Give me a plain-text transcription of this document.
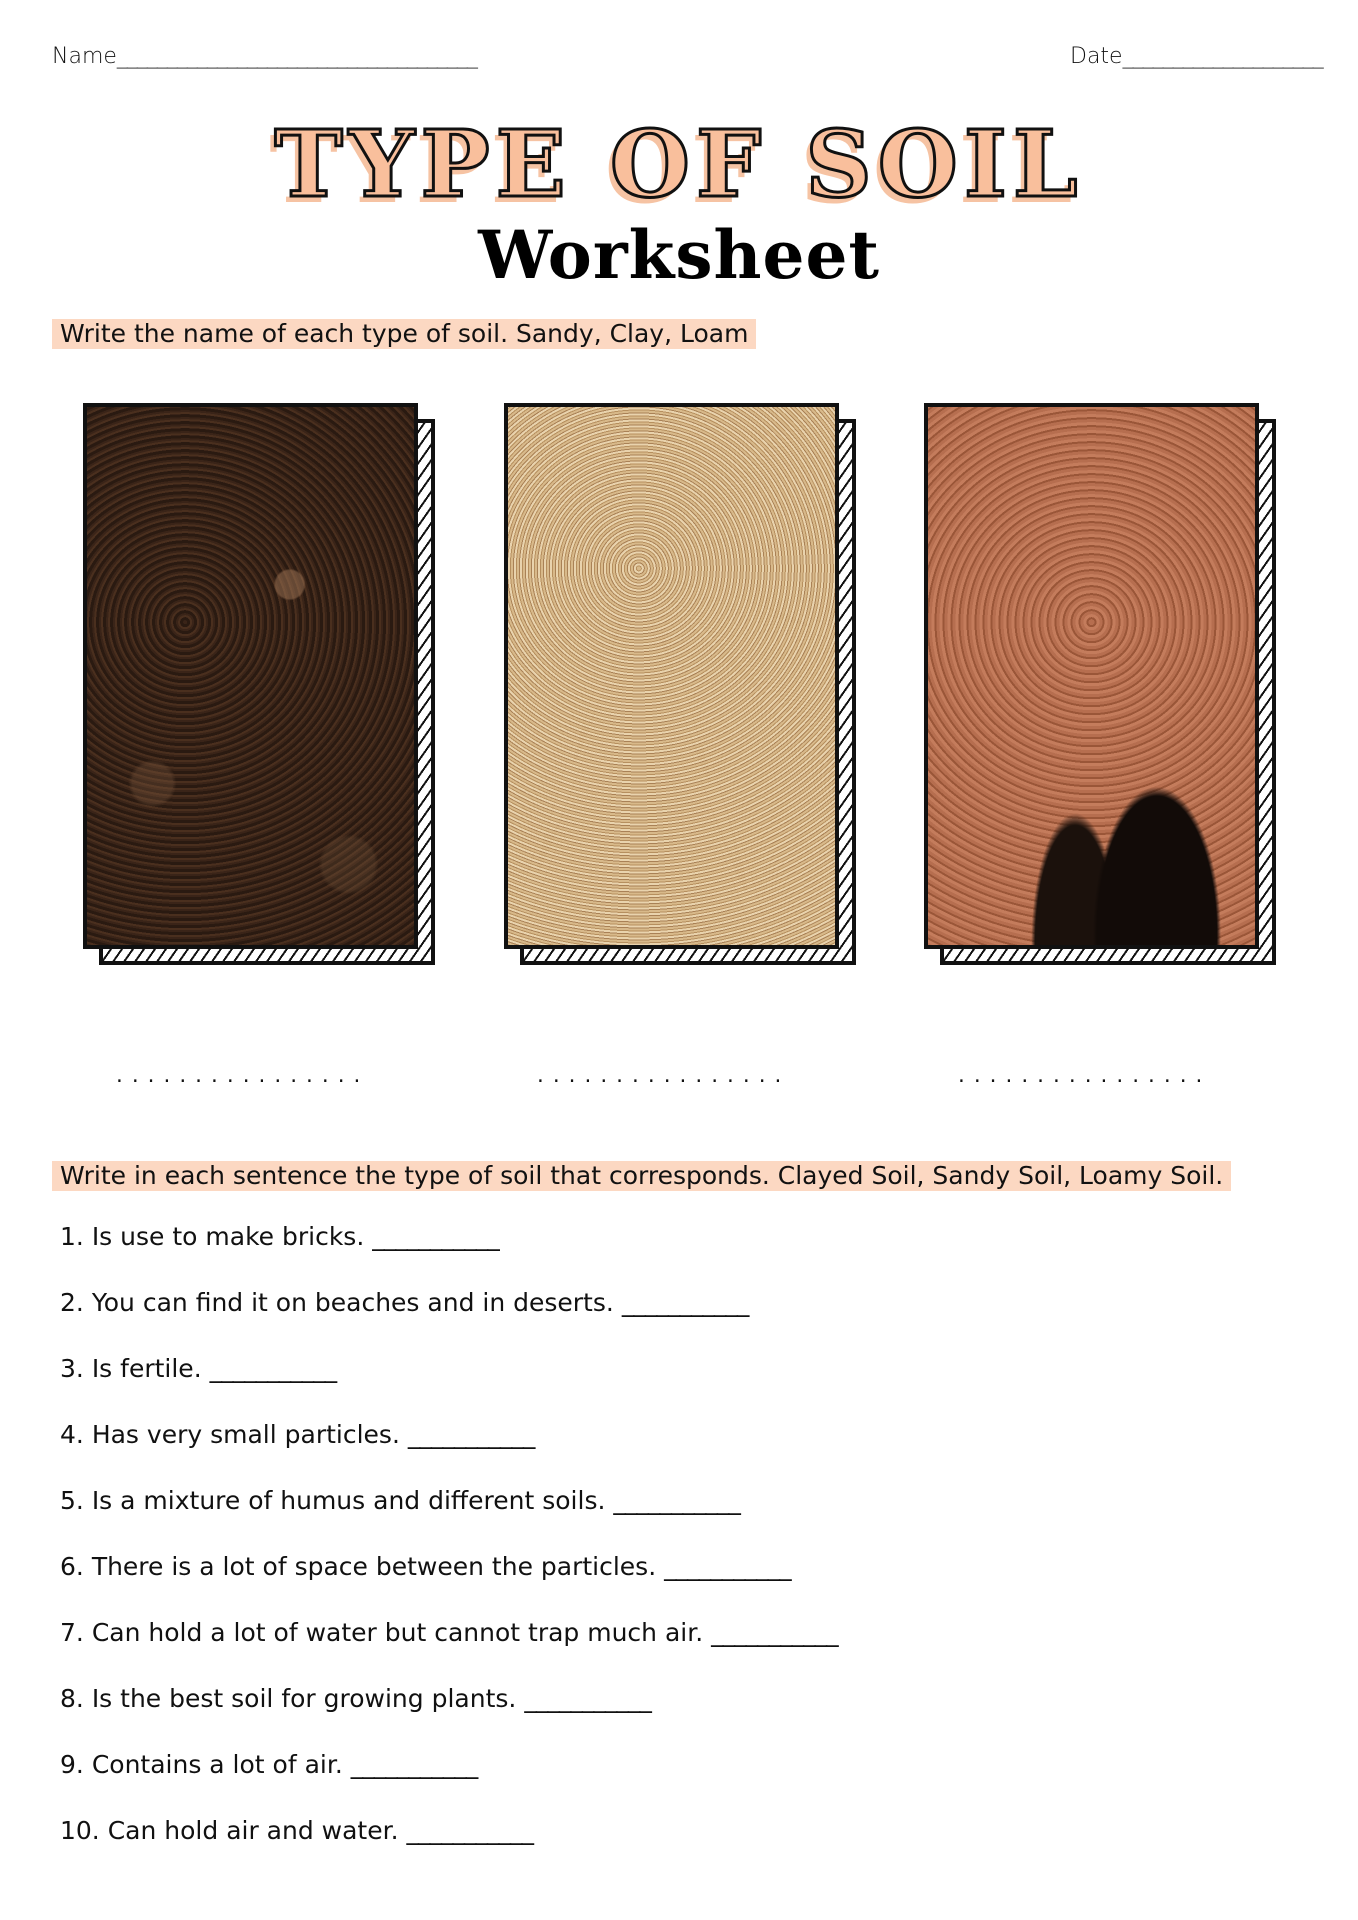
Name____________________________________	Date____________________
TYPE OF SOIL
Worksheet
Write the name of each type of soil. Sandy, Clay, Loam
................	................	................
Write in each sentence the type of soil that corresponds. Clayed Soil, Sandy Soil, Loamy Soil.
1. Is use to make bricks. ___________
2. You can find it on beaches and in deserts. ___________
3. Is fertile. ___________
4. Has very small particles. ___________
5. Is a mixture of humus and different soils. ___________
6. There is a lot of space between the particles. ___________
7. Can hold a lot of water but cannot trap much air. ___________
8. Is the best soil for growing plants. ___________
9. Contains a lot of air. ___________
10. Can hold air and water. ___________
